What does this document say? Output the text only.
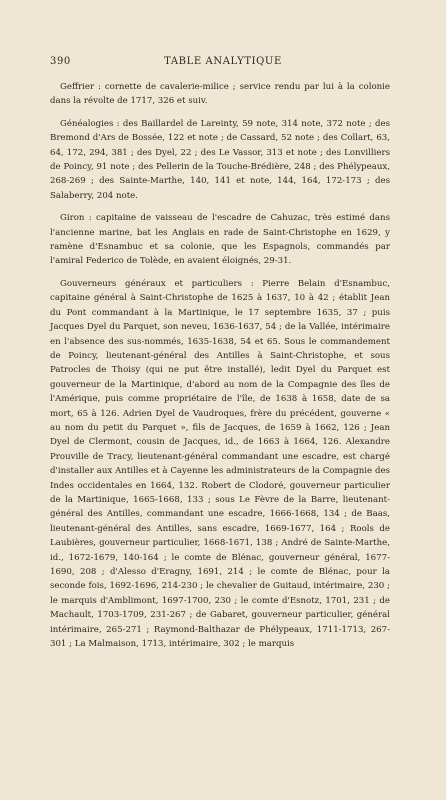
390	TABLE ANALYTIQUE

Geffrier : cornette de cavalerie-milice ; service rendu par lui à la colonie dans la révolte de 1717, 326 et suiv.

Généalogies : des Baillardel de Lareinty, 59 note, 314 note, 372 note ; des Bremond d'Ars de Bossée, 122 et note ; de Cassard, 52 note ; des Collart, 63, 64, 172, 294, 381 ; des Dyel, 22 ; des Le Vassor, 313 et note ; des Lonvilliers de Poincy, 91 note ; des Pellerin de la Touche-Brédière, 248 ; des Phélypeaux, 268-269 ; des Sainte-Marthe, 140, 141 et note, 144, 164, 172-173 ; des Salaberry, 204 note.

Giron : capitaine de vaisseau de l'escadre de Cahuzac, très estimé dans l'ancienne marine, bat les Anglais en rade de Saint-Christophe en 1629, y ramène d'Esnambuc et sa colonie, que les Espagnols, commandés par l'amiral Federico de Tolède, en avaient éloignés, 29-31.

Gouverneurs généraux et particuliers : Pierre Belain d'Esnambuc, capitaine général à Saint-Christophe de 1625 à 1637, 10 à 42 ; établit Jean du Pont commandant à la Martinique, le 17 septembre 1635, 37 ; puis Jacques Dyel du Parquet, son neveu, 1636-1637, 54 ; de la Vallée, intérimaire en l'absence des sus-nommés, 1635-1638, 54 et 65. Sous le commandement de Poincy, lieutenant-général des Antilles à Saint-Christophe, et sous Patrocles de Thoisy (qui ne put être installé), ledit Dyel du Parquet est gouverneur de la Martinique, d'abord au nom de la Compagnie des îles de l'Amérique, puis comme propriétaire de l'île, de 1638 à 1658, date de sa mort, 65 à 126. Adrien Dyel de Vaudroques, frère du précédent, gouverne « au nom du petit du Parquet », fils de Jacques, de 1659 à 1662, 126 ; Jean Dyel de Clermont, cousin de Jacques, id., de 1663 à 1664, 126. Alexandre Prouville de Tracy, lieutenant-général commandant une escadre, est chargé d'installer aux Antilles et à Cayenne les administrateurs de la Compagnie des Indes occidentales en 1664, 132. Robert de Clodoré, gouverneur particulier de la Martinique, 1665-1668, 133 ; sous Le Fèvre de la Barre, lieutenant-général des Antilles, commandant une escadre, 1666-1668, 134 ; de Baas, lieutenant-général des Antilles, sans escadre, 1669-1677, 164 ; Rools de Laubières, gouverneur particulier, 1668-1671, 138 ; André de Sainte-Marthe, id., 1672-1679, 140-164 ; le comte de Blénac, gouverneur général, 1677-1690, 208 ; d'Alesso d'Eragny, 1691, 214 ; le comte de Blénac, pour la seconde fois, 1692-1696, 214-230 ; le chevalier de Guitaud, intérimaire, 230 ; le marquis d'Amblimont, 1697-1700, 230 ; le comte d'Esnotz, 1701, 231 ; de Machault, 1703-1709, 231-267 ; de Gabaret, gouverneur particulier, général intérimaire, 265-271 ; Raymond-Balthazar de Phélypeaux, 1711-1713, 267-301 ; La Malmaison, 1713, intérimaire, 302 ; le marquis
